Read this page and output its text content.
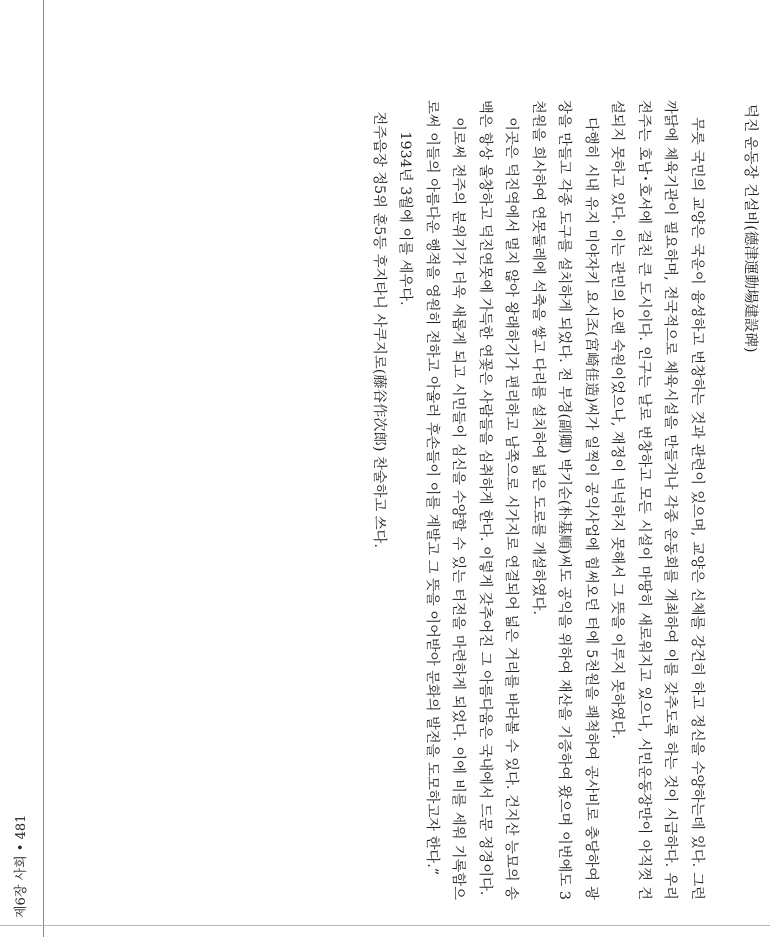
제6장 사회 • 481
덕진 운동장 건설비(德津運動場建設碑)

무릇 국민의 교양은 국운이 융성하고 번창하는 것과 관련이 있으며, 교양은 신체를 강건히 하고 정신을 수양하는데 있다. 그런 까닭에 체육기관이 필요하며, 전국적으로 체육시설을 만들거나 각종 운동회를 개최하여 이를 갖추도록 하는 것이 시급하다. 우리 전주는 호남･호서에 걸친 큰 도시이다. 인구는 날로 번창하고 모든 시설이 마땅히 새로워지고 있으나, 시민운동장만이 아직껏 건설되지 못하고 있다. 이는 관민의 오랜 숙원이었으나, 재정이 넉넉하지 못해서 그 뜻을 이루지 못하였다.

다행히 시내 유지 미야자키 요시조(宮崎佳造)씨가 일찍이 공익사업에 힘써오던 터에 5천원을 쾌척하여 공사비로 충당하여 광장을 만들고 각종 도구를 설치하게 되었다. 전 부경(副卿) 박기순(朴基順)씨도 공익을 위하여 재산을 기증하여 왔으며 이번에도 3천원을 희사하여 연못둘레에 석축을 쌓고 다리를 설치하여 넓은 도로를 개설하였다.

이곳은 덕진역에서 멀지 않아 왕래하기가 편리하고 남쪽으로 시가지로 연결되어 넓은 거리를 바라볼 수 있다. 건지산 능묘의 송백은 항상 울창하고 덕진연못에 가득한 연꽃은 사람들을 심취하게 한다. 이렇게 갖추어진 그 아름다움은 국내에서 드문 정경이다.

이로써 전주의 분위기가 더욱 새롭게 되고 시민들이 심신을 수양할 수 있는 터전을 마련하게 되었다. 이에 비를 세워 기록함으로써 이들의 아름다운 행적을 영원히 전하고 아울러 후손들이 이를 계발고 그 뜻을 이어받아 문화의 발전을 도모하고자 한다.”

1934년 3월에 이를 세우다.

전주읍장 정5위 훈5등 후지타니 사쿠지로(藤谷作次郎) 찬술하고 쓰다.
